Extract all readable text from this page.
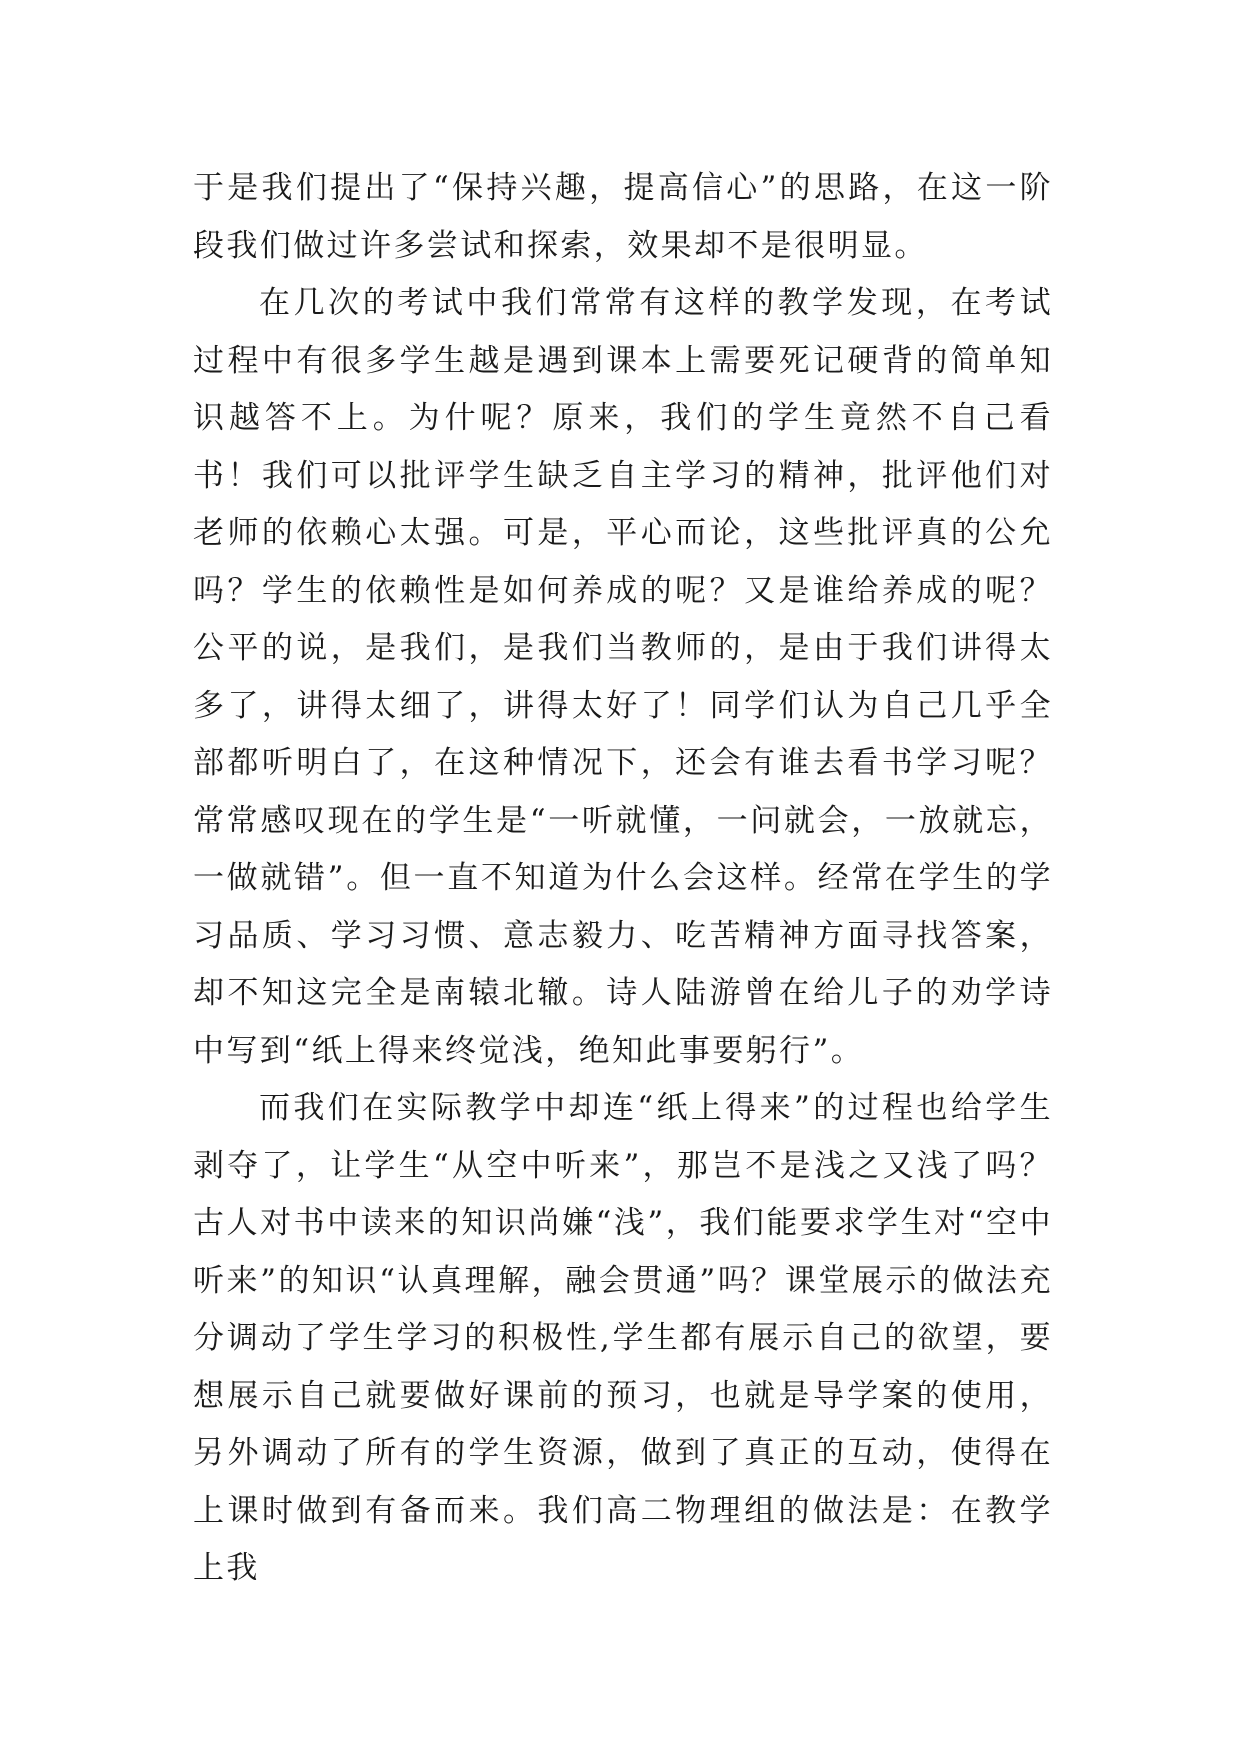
于是我们提出了“保持兴趣，提高信心”的思路，在这一阶段我们做过许多尝试和探索，效果却不是很明显。

在几次的考试中我们常常有这样的教学发现，在考试过程中有很多学生越是遇到课本上需要死记硬背的简单知识越答不上。为什呢？原来，我们的学生竟然不自己看书！我们可以批评学生缺乏自主学习的精神，批评他们对老师的依赖心太强。可是，平心而论，这些批评真的公允吗？学生的依赖性是如何养成的呢？又是谁给养成的呢？公平的说，是我们，是我们当教师的，是由于我们讲得太多了，讲得太细了，讲得太好了！同学们认为自己几乎全部都听明白了，在这种情况下，还会有谁去看书学习呢？ 常常感叹现在的学生是“一听就懂，一问就会，一放就忘，一做就错”。但一直不知道为什么会这样。经常在学生的学习品质、学习习惯、意志毅力、吃苦精神方面寻找答案，却不知这完全是南辕北辙。诗人陆游曾在给儿子的劝学诗中写到“纸上得来终觉浅，绝知此事要躬行”。

而我们在实际教学中却连“纸上得来”的过程也给学生剥夺了，让学生“从空中听来”，那岂不是浅之又浅了吗？古人对书中读来的知识尚嫌“浅”，我们能要求学生对“空中听来”的知识“认真理解，融会贯通”吗？课堂展示的做法充分调动了学生学习的积极性,学生都有展示自己的欲望，要想展示自己就要做好课前的预习，也就是导学案的使用，另外调动了所有的学生资源，做到了真正的互动，使得在上课时做到有备而来。我们高二物理组的做法是：在教学上我
